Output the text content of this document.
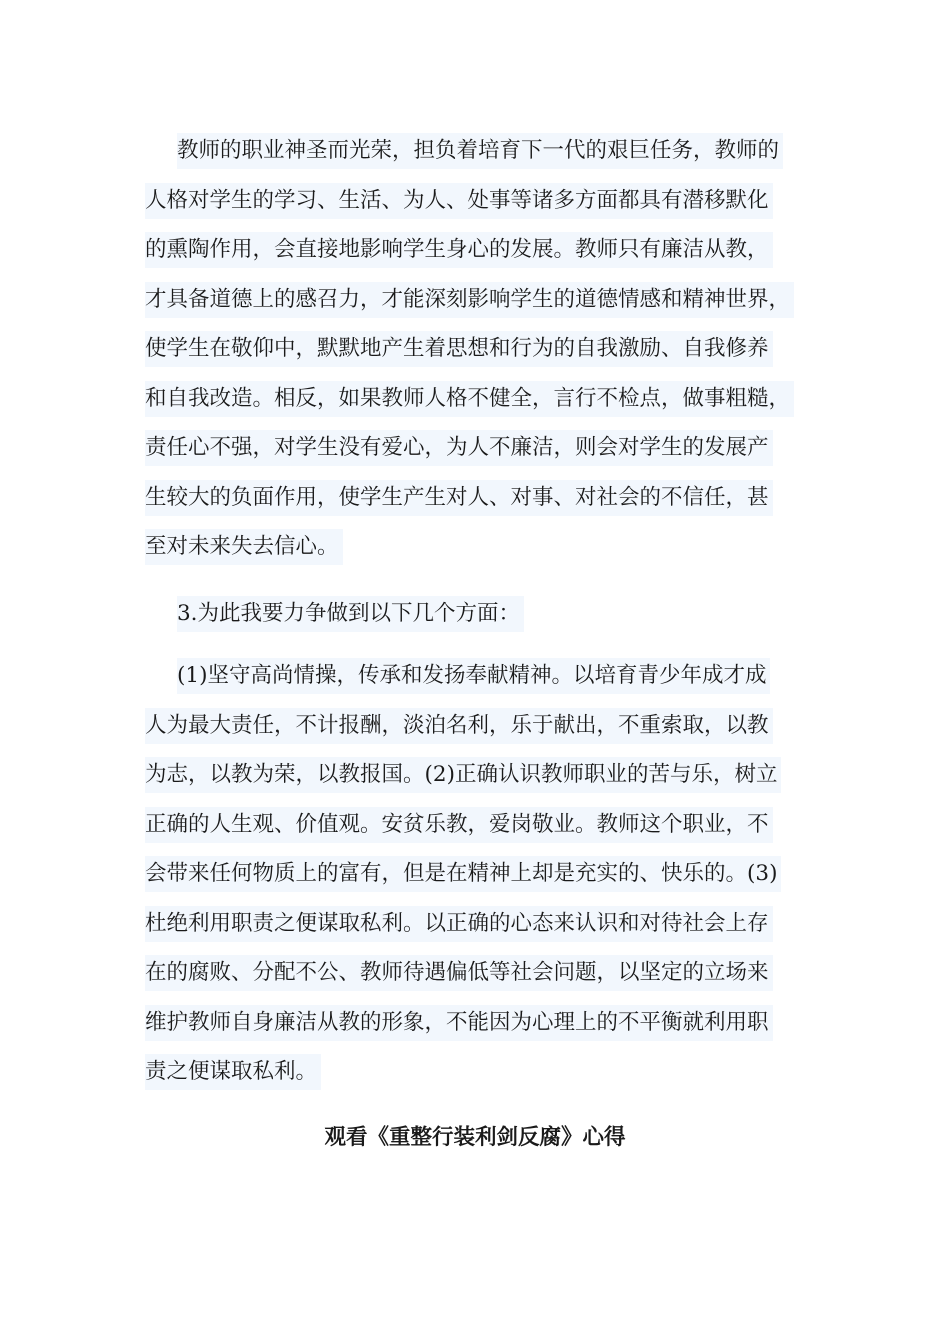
教师的职业神圣而光荣，担负着培育下一代的艰巨任务，教师的
人格对学生的学习、生活、为人、处事等诸多方面都具有潜移默化
的熏陶作用，会直接地影响学生身心的发展。教师只有廉洁从教，
才具备道德上的感召力，才能深刻影响学生的道德情感和精神世界，
使学生在敬仰中，默默地产生着思想和行为的自我激励、自我修养
和自我改造。相反，如果教师人格不健全，言行不检点，做事粗糙，
责任心不强，对学生没有爱心，为人不廉洁，则会对学生的发展产
生较大的负面作用，使学生产生对人、对事、对社会的不信任，甚
至对未来失去信心。
3.为此我要力争做到以下几个方面：
(1)坚守高尚情操，传承和发扬奉献精神。以培育青少年成才成
人为最大责任，不计报酬，淡泊名利，乐于献出，不重索取，以教
为志，以教为荣，以教报国。(2)正确认识教师职业的苦与乐，树立
正确的人生观、价值观。安贫乐教，爱岗敬业。教师这个职业，不
会带来任何物质上的富有，但是在精神上却是充实的、快乐的。(3)
杜绝利用职责之便谋取私利。以正确的心态来认识和对待社会上存
在的腐败、分配不公、教师待遇偏低等社会问题，以坚定的立场来
维护教师自身廉洁从教的形象，不能因为心理上的不平衡就利用职
责之便谋取私利。
观看《重整行装利剑反腐》心得
